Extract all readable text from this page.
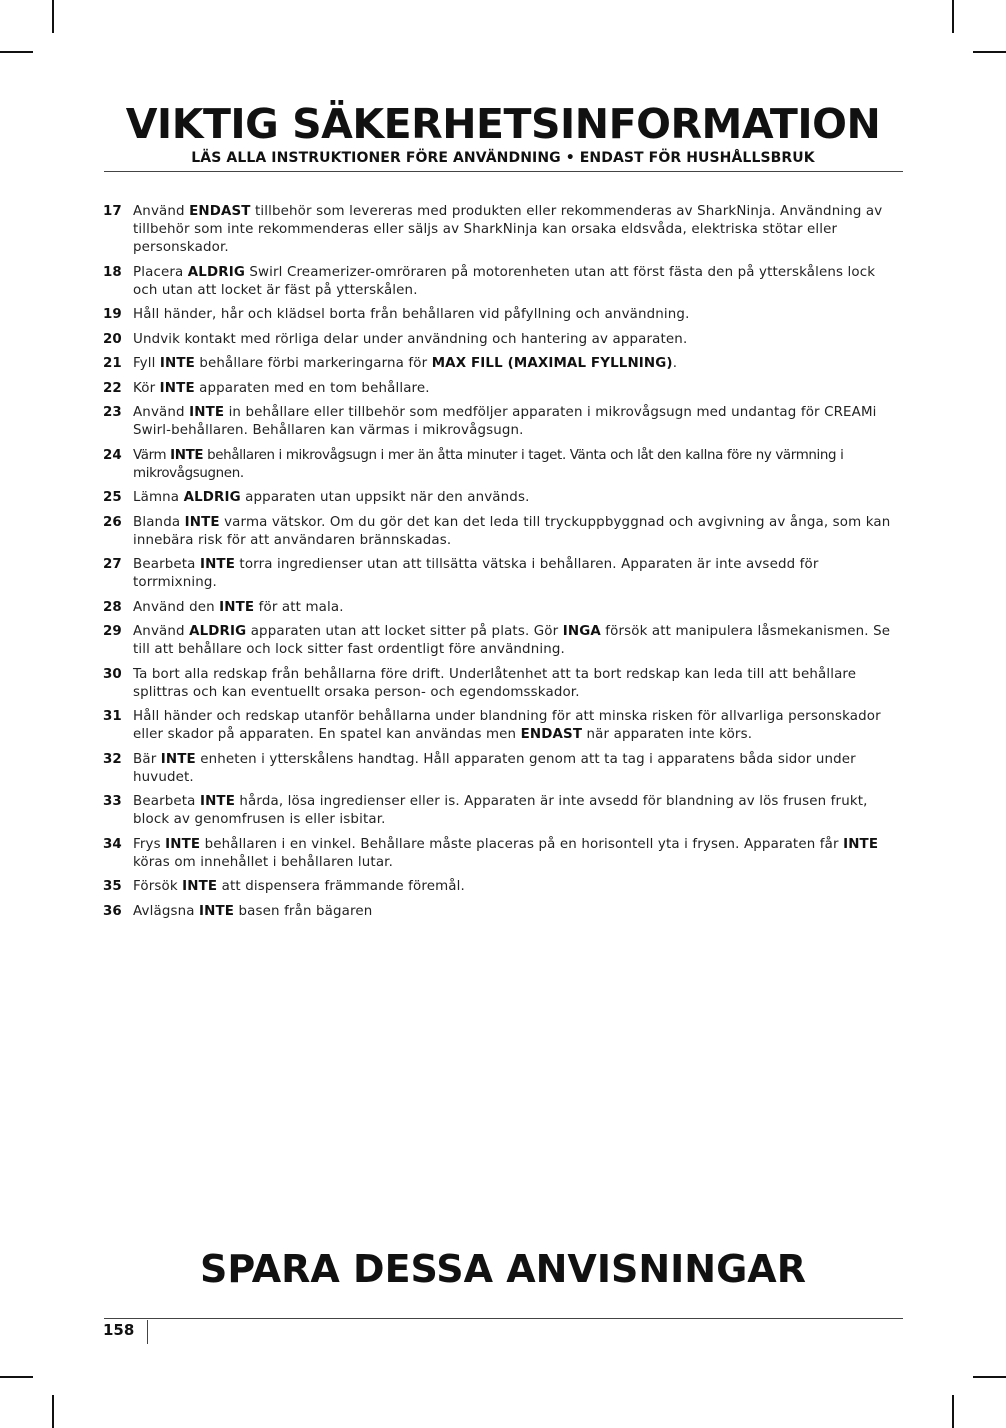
VIKTIG SÄKERHETSINFORMATION
LÄS ALLA INSTRUKTIONER FÖRE ANVÄNDNING • ENDAST FÖR HUSHÅLLSBRUK
17 Använd ENDAST tillbehör som levereras med produkten eller rekommenderas av SharkNinja. Användning av tillbehör som inte rekommenderas eller säljs av SharkNinja kan orsaka eldsvåda, elektriska stötar eller personskador.
18 Placera ALDRIG Swirl Creamerizer-omröraren på motorenheten utan att först fästa den på ytterskålens lock och utan att locket är fäst på ytterskålen.
19 Håll händer, hår och klädsel borta från behållaren vid påfyllning och användning.
20 Undvik kontakt med rörliga delar under användning och hantering av apparaten.
21 Fyll INTE behållare förbi markeringarna för MAX FILL (MAXIMAL FYLLNING).
22 Kör INTE apparaten med en tom behållare.
23 Använd INTE in behållare eller tillbehör som medföljer apparaten i mikrovågsugn med undantag för CREAMi Swirl-behållaren. Behållaren kan värmas i mikrovågsugn.
24 Värm INTE behållaren i mikrovågsugn i mer än åtta minuter i taget. Vänta och låt den kallna före ny värmning i mikrovågsugnen.
25 Lämna ALDRIG apparaten utan uppsikt när den används.
26 Blanda INTE varma vätskor. Om du gör det kan det leda till tryckuppbyggnad och avgivning av ånga, som kan innebära risk för att användaren brännskadas.
27 Bearbeta INTE torra ingredienser utan att tillsätta vätska i behållaren. Apparaten är inte avsedd för torrmixning.
28 Använd den INTE för att mala.
29 Använd ALDRIG apparaten utan att locket sitter på plats. Gör INGA försök att manipulera låsmekanismen. Se till att behållare och lock sitter fast ordentligt före användning.
30 Ta bort alla redskap från behållarna före drift. Underlåtenhet att ta bort redskap kan leda till att behållare splittras och kan eventuellt orsaka person- och egendomsskador.
31 Håll händer och redskap utanför behållarna under blandning för att minska risken för allvarliga personskador eller skador på apparaten. En spatel kan användas men ENDAST när apparaten inte körs.
32 Bär INTE enheten i ytterskålens handtag. Håll apparaten genom att ta tag i apparatens båda sidor under huvudet.
33 Bearbeta INTE hårda, lösa ingredienser eller is. Apparaten är inte avsedd för blandning av lös frusen frukt, block av genomfrusen is eller isbitar.
34 Frys INTE behållaren i en vinkel. Behållare måste placeras på en horisontell yta i frysen. Apparaten får INTE köras om innehållet i behållaren lutar.
35 Försök INTE att dispensera främmande föremål.
36 Avlägsna INTE basen från bägaren
SPARA DESSA ANVISNINGAR
158
